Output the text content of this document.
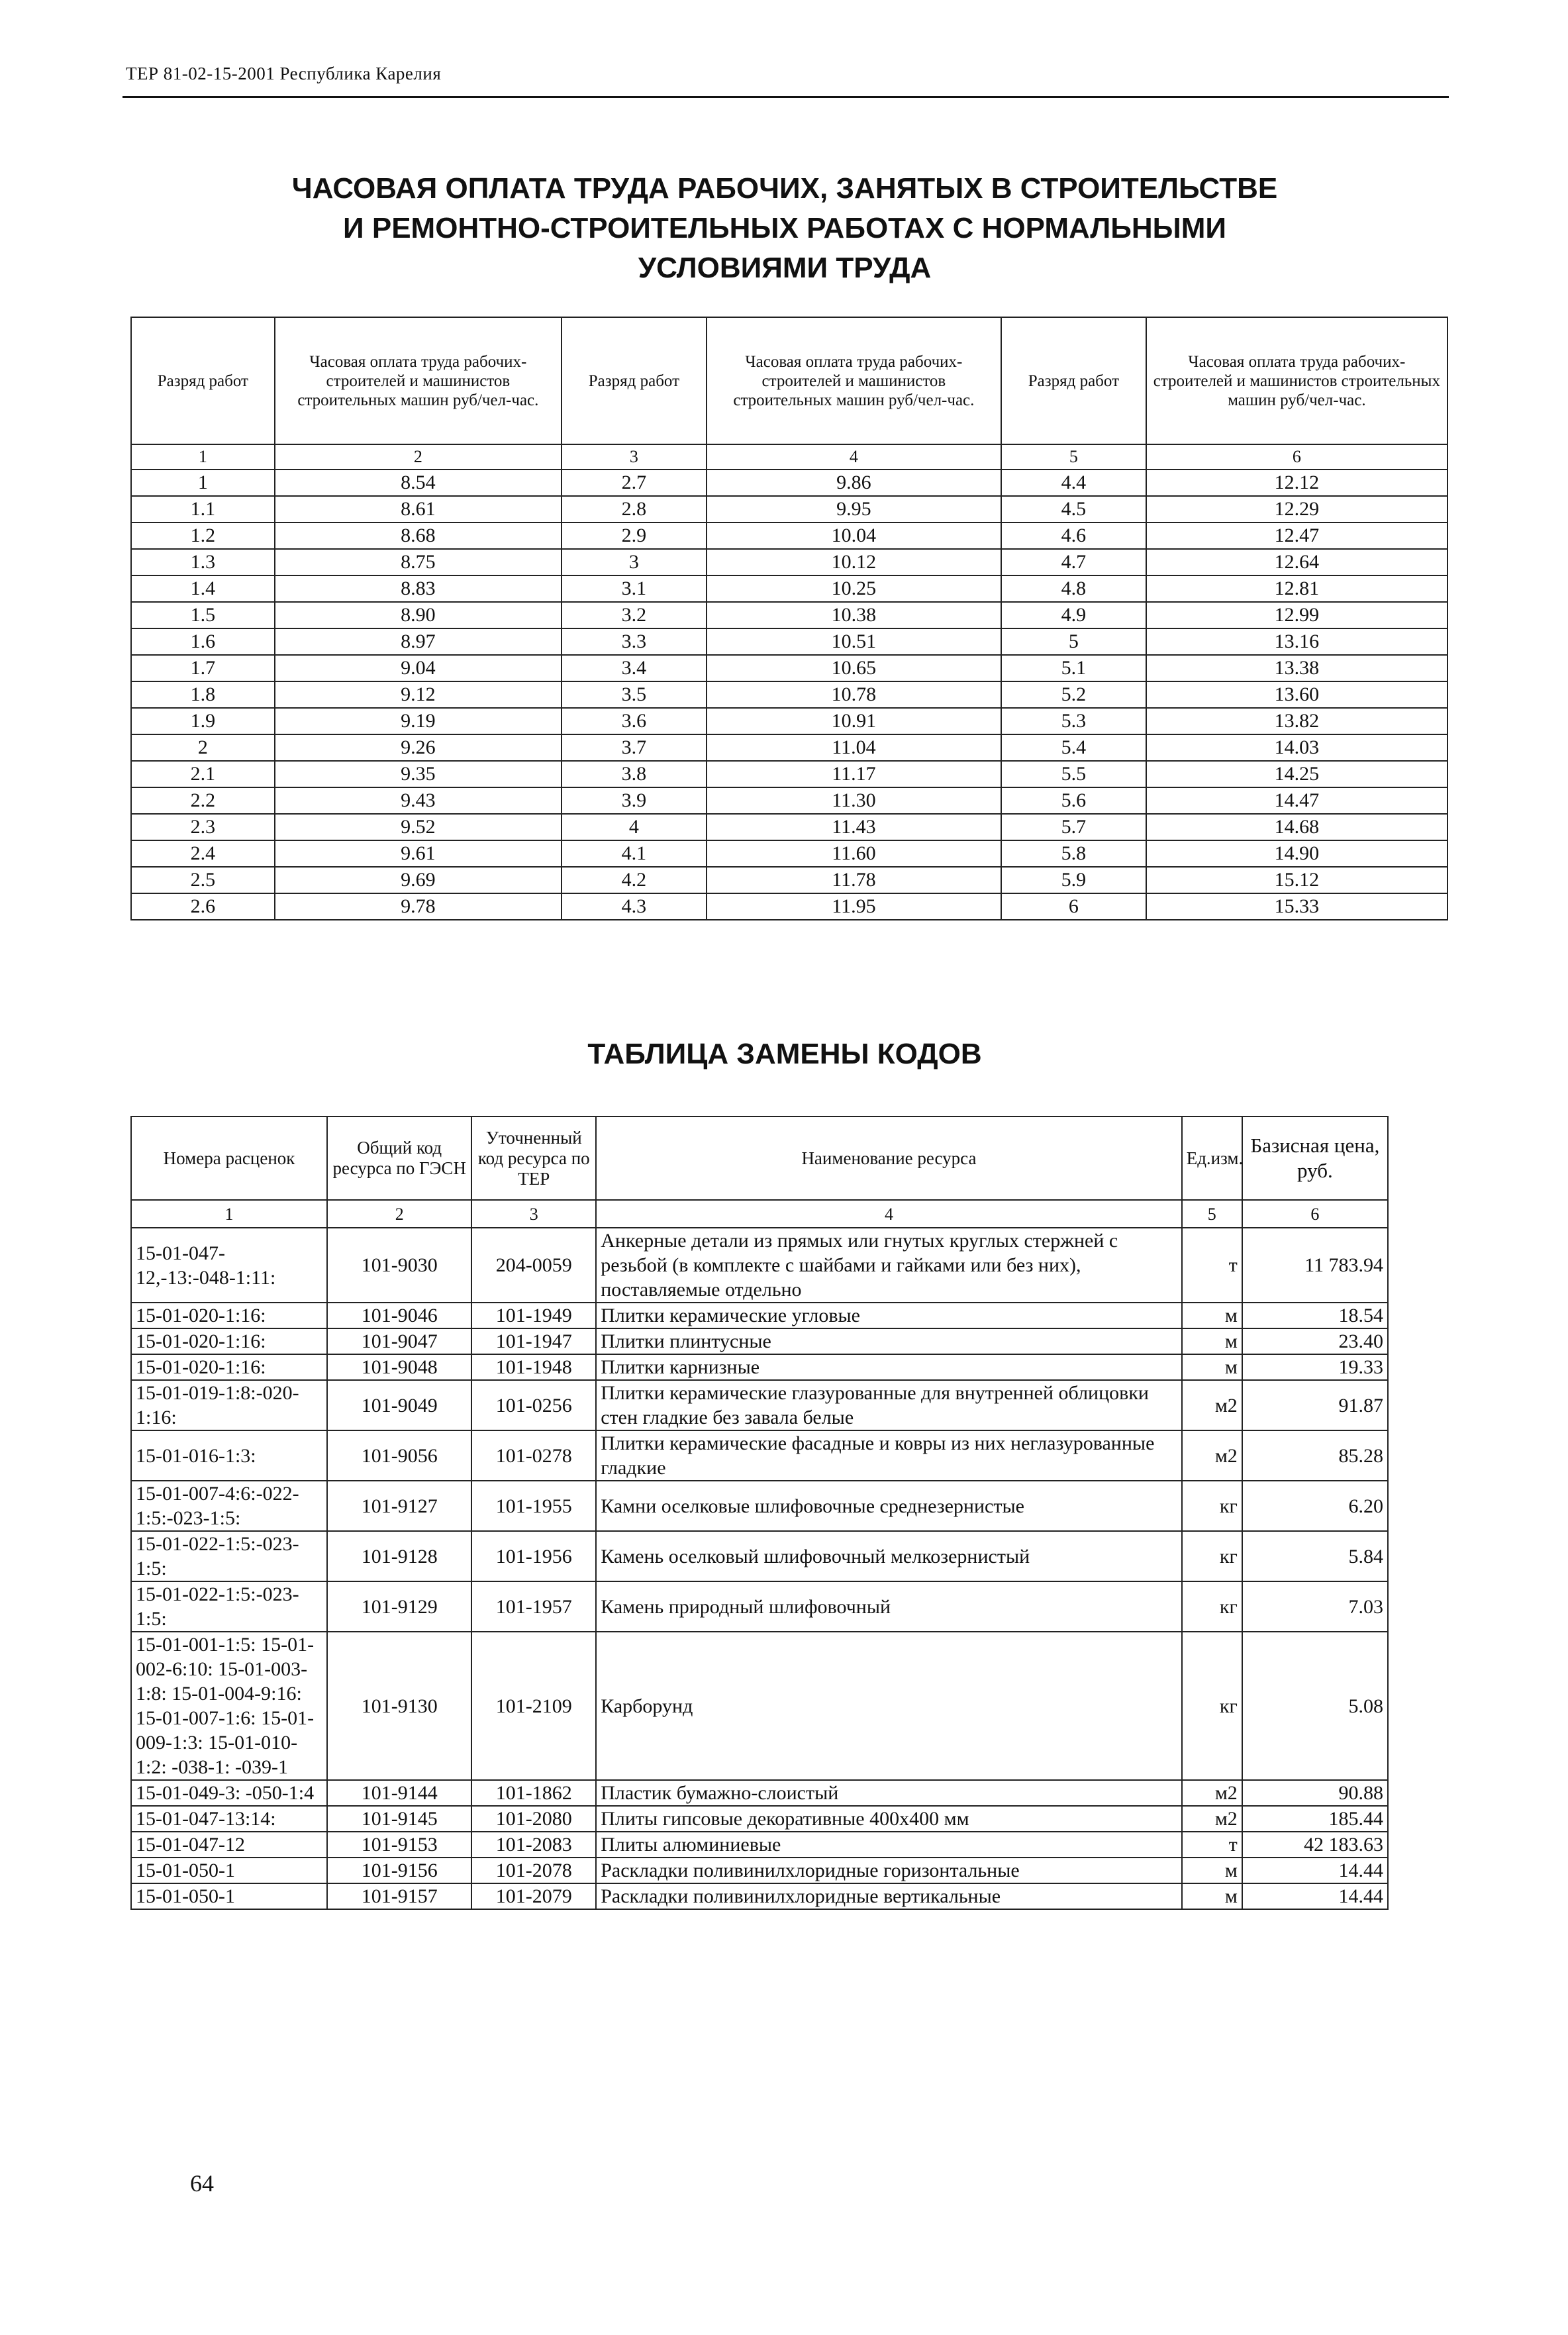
ТЕР 81-02-15-2001 Республика Карелия
ЧАСОВАЯ ОПЛАТА ТРУДА РАБОЧИХ, ЗАНЯТЫХ В СТРОИТЕЛЬСТВЕ
И РЕМОНТНО-СТРОИТЕЛЬНЫХ РАБОТАХ С НОРМАЛЬНЫМИ
УСЛОВИЯМИ ТРУДА
Разряд работ	Часовая оплата труда рабочих-строителей и машинистов строительных машин руб/чел-час.	Разряд работ	Часовая оплата труда рабочих-строителей и машинистов строительных машин руб/чел-час.	Разряд работ	Часовая оплата труда рабочих-строителей и машинистов строительных машин руб/чел-час.
1	2	3	4	5	6
1	8.54	2.7	9.86	4.4	12.12
1.1	8.61	2.8	9.95	4.5	12.29
1.2	8.68	2.9	10.04	4.6	12.47
1.3	8.75	3	10.12	4.7	12.64
1.4	8.83	3.1	10.25	4.8	12.81
1.5	8.90	3.2	10.38	4.9	12.99
1.6	8.97	3.3	10.51	5	13.16
1.7	9.04	3.4	10.65	5.1	13.38
1.8	9.12	3.5	10.78	5.2	13.60
1.9	9.19	3.6	10.91	5.3	13.82
2	9.26	3.7	11.04	5.4	14.03
2.1	9.35	3.8	11.17	5.5	14.25
2.2	9.43	3.9	11.30	5.6	14.47
2.3	9.52	4	11.43	5.7	14.68
2.4	9.61	4.1	11.60	5.8	14.90
2.5	9.69	4.2	11.78	5.9	15.12
2.6	9.78	4.3	11.95	6	15.33
ТАБЛИЦА ЗАМЕНЫ КОДОВ
Номера расценок	Общий код ресурса по ГЭСН	Уточненный код ресурса по ТЕР	Наименование ресурса	Ед.изм.	Базисная цена, руб.
1	2	3	4	5	6
15-01-047-12,-13:-048-1:11:	101-9030	204-0059	Анкерные детали из прямых или гнутых круглых стержней с резьбой (в комплекте с шайбами и гайками или без них), поставляемые отдельно	т	11 783.94
15-01-020-1:16:	101-9046	101-1949	Плитки керамические угловые	м	18.54
15-01-020-1:16:	101-9047	101-1947	Плитки плинтусные	м	23.40
15-01-020-1:16:	101-9048	101-1948	Плитки карнизные	м	19.33
15-01-019-1:8:-020-1:16:	101-9049	101-0256	Плитки керамические глазурованные для внутренней облицовки стен гладкие без завала белые	м2	91.87
15-01-016-1:3:	101-9056	101-0278	Плитки керамические фасадные и ковры из них неглазурованные гладкие	м2	85.28
15-01-007-4:6:-022-1:5:-023-1:5:	101-9127	101-1955	Камни оселковые шлифовочные среднезернистые	кг	6.20
15-01-022-1:5:-023-1:5:	101-9128	101-1956	Камень оселковый шлифовочный мелкозернистый	кг	5.84
15-01-022-1:5:-023-1:5:	101-9129	101-1957	Камень природный шлифовочный	кг	7.03
15-01-001-1:5: 15-01-002-6:10: 15-01-003-1:8: 15-01-004-9:16: 15-01-007-1:6: 15-01-009-1:3: 15-01-010-1:2: -038-1: -039-1	101-9130	101-2109	Карборунд	кг	5.08
15-01-049-3: -050-1:4	101-9144	101-1862	Пластик бумажно-слоистый	м2	90.88
15-01-047-13:14:	101-9145	101-2080	Плиты гипсовые декоративные 400х400 мм	м2	185.44
15-01-047-12	101-9153	101-2083	Плиты алюминиевые	т	42 183.63
15-01-050-1	101-9156	101-2078	Раскладки поливинилхлоридные горизонтальные	м	14.44
15-01-050-1	101-9157	101-2079	Раскладки поливинилхлоридные вертикальные	м	14.44
64
